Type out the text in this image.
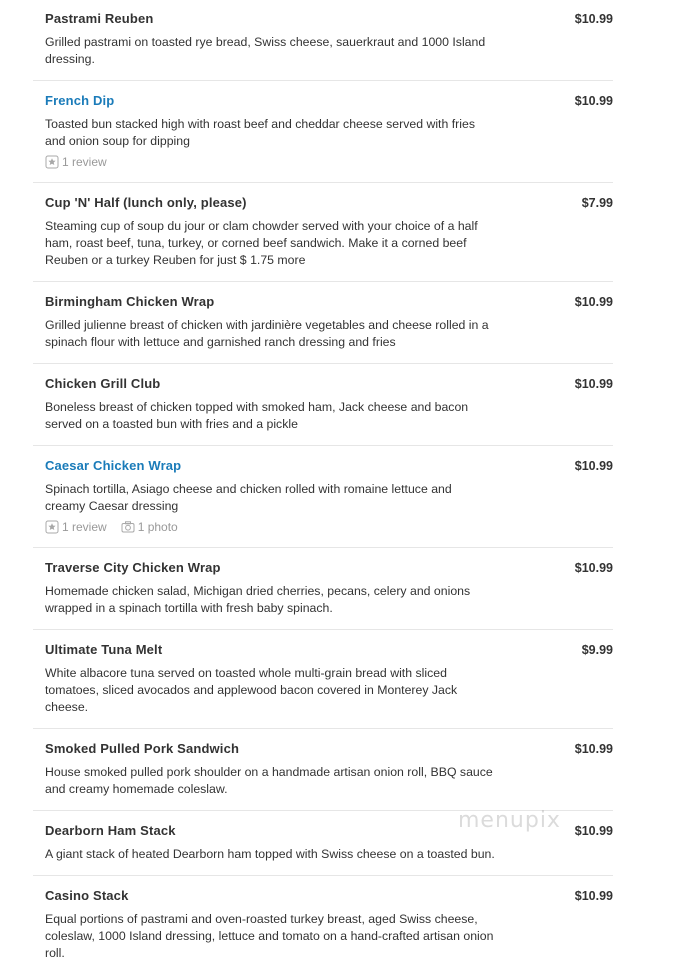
Pastrami Reuben	$10.99

Grilled pastrami on toasted rye bread, Swiss cheese, sauerkraut and 1000 Island dressing.

French Dip	$10.99

Toasted bun stacked high with roast beef and cheddar cheese served with fries and onion soup for dipping

1 review
Cup 'N' Half (lunch only, please)	$7.99

Steaming cup of soup du jour or clam chowder served with your choice of a half ham, roast beef, tuna, turkey, or corned beef sandwich. Make it a corned beef Reuben or a turkey Reuben for just $ 1.75 more

Birmingham Chicken Wrap	$10.99

Grilled julienne breast of chicken with jardinière vegetables and cheese rolled in a spinach flour with lettuce and garnished ranch dressing and fries

Chicken Grill Club	$10.99

Boneless breast of chicken topped with smoked ham, Jack cheese and bacon served on a toasted bun with fries and a pickle

Caesar Chicken Wrap	$10.99

Spinach tortilla, Asiago cheese and chicken rolled with romaine lettuce and creamy Caesar dressing

1 review	1 photo
Traverse City Chicken Wrap	$10.99

Homemade chicken salad, Michigan dried cherries, pecans, celery and onions wrapped in a spinach tortilla with fresh baby spinach.

Ultimate Tuna Melt	$9.99

White albacore tuna served on toasted whole multi-grain bread with sliced tomatoes, sliced avocados and applewood bacon covered in Monterey Jack cheese.

Smoked Pulled Pork Sandwich	$10.99

House smoked pulled pork shoulder on a handmade artisan onion roll, BBQ sauce and creamy homemade coleslaw.

Dearborn Ham Stack	$10.99

A giant stack of heated Dearborn ham topped with Swiss cheese on a toasted bun.

Casino Stack	$10.99

Equal portions of pastrami and oven-roasted turkey breast, aged Swiss cheese, coleslaw, 1000 Island dressing, lettuce and tomato on a hand-crafted artisan onion roll.

menupix
